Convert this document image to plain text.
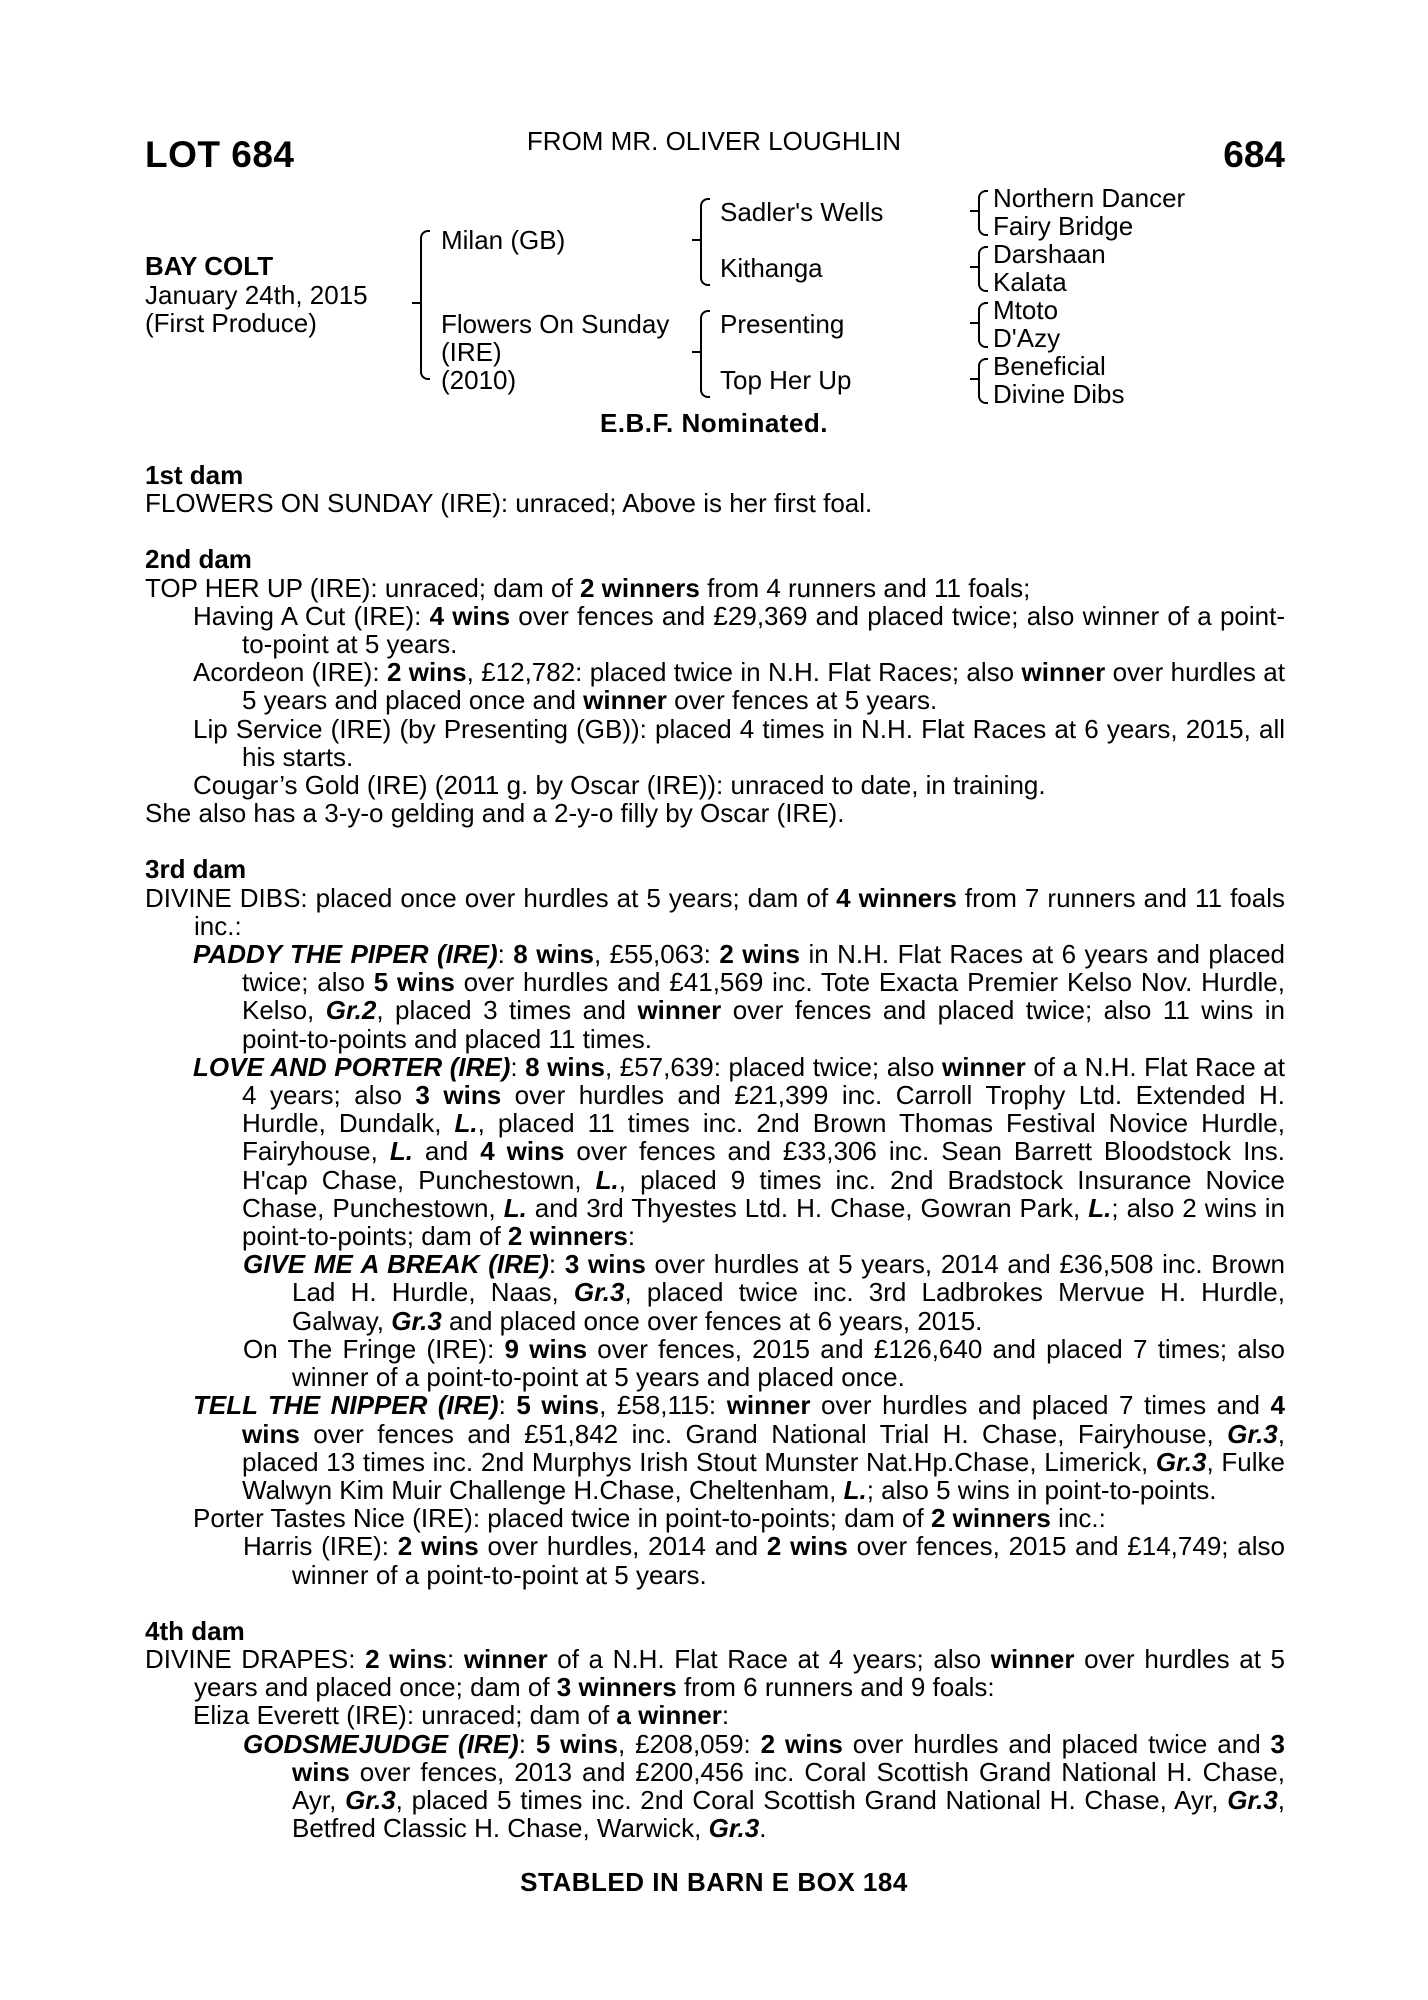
LOT 684	FROM MR. OLIVER LOUGHLIN	684
BAY COLT
January 24th, 2015
(First Produce)
Milan (GB)
Flowers On Sunday
(IRE)
(2010)
Sadler's Wells
Kithanga
Presenting
Top Her Up
Northern Dancer
Fairy Bridge
Darshaan
Kalata
Mtoto
D'Azy
Beneficial
Divine Dibs
E.B.F. Nominated.
1st dam

FLOWERS ON SUNDAY (IRE): unraced; Above is her first foal.

2nd dam

TOP HER UP (IRE): unraced; dam of 2 winners from 4 runners and 11 foals;

Having A Cut (IRE): 4 wins over fences and £29,369 and placed twice; also winner of a point-to-point at 5 years.

Acordeon (IRE): 2 wins, £12,782: placed twice in N.H. Flat Races; also winner over hurdles at 5 years and placed once and winner over fences at 5 years.

Lip Service (IRE) (by Presenting (GB)): placed 4 times in N.H. Flat Races at 6 years, 2015, all his starts.

Cougar’s Gold (IRE) (2011 g. by Oscar (IRE)): unraced to date, in training.

She also has a 3-y-o gelding and a 2-y-o filly by Oscar (IRE).

3rd dam

DIVINE DIBS: placed once over hurdles at 5 years; dam of 4 winners from 7 runners and 11 foals inc.:

PADDY THE PIPER (IRE): 8 wins, £55,063: 2 wins in N.H. Flat Races at 6 years and placed twice; also 5 wins over hurdles and £41,569 inc. Tote Exacta Premier Kelso Nov. Hurdle, Kelso, Gr.2, placed 3 times and winner over fences and placed twice; also 11 wins in point-to-points and placed 11 times.

LOVE AND PORTER (IRE): 8 wins, £57,639: placed twice; also winner of a N.H. Flat Race at 4 years; also 3 wins over hurdles and £21,399 inc. Carroll Trophy Ltd. Extended H. Hurdle, Dundalk, L., placed 11 times inc. 2nd Brown Thomas Festival Novice Hurdle, Fairyhouse, L. and 4 wins over fences and £33,306 inc. Sean Barrett Bloodstock Ins. H'cap Chase, Punchestown, L., placed 9 times inc. 2nd Bradstock Insurance Novice Chase, Punchestown, L. and 3rd Thyestes Ltd. H. Chase, Gowran Park, L.; also 2 wins in point-to-points; dam of 2 winners:

GIVE ME A BREAK (IRE): 3 wins over hurdles at 5 years, 2014 and £36,508 inc. Brown Lad H. Hurdle, Naas, Gr.3, placed twice inc. 3rd Ladbrokes Mervue H. Hurdle, Galway, Gr.3 and placed once over fences at 6 years, 2015.

On The Fringe (IRE): 9 wins over fences, 2015 and £126,640 and placed 7 times; also winner of a point-to-point at 5 years and placed once.

TELL THE NIPPER (IRE): 5 wins, £58,115: winner over hurdles and placed 7 times and 4 wins over fences and £51,842 inc. Grand National Trial H. Chase, Fairyhouse, Gr.3, placed 13 times inc. 2nd Murphys Irish Stout Munster Nat.Hp.Chase, Limerick, Gr.3, Fulke Walwyn Kim Muir Challenge H.Chase, Cheltenham, L.; also 5 wins in point-to-points.

Porter Tastes Nice (IRE): placed twice in point-to-points; dam of 2 winners inc.:

Harris (IRE): 2 wins over hurdles, 2014 and 2 wins over fences, 2015 and £14,749; also winner of a point-to-point at 5 years.

4th dam

DIVINE DRAPES: 2 wins: winner of a N.H. Flat Race at 4 years; also winner over hurdles at 5 years and placed once; dam of 3 winners from 6 runners and 9 foals:

Eliza Everett (IRE): unraced; dam of a winner:

GODSMEJUDGE (IRE): 5 wins, £208,059: 2 wins over hurdles and placed twice and 3 wins over fences, 2013 and £200,456 inc. Coral Scottish Grand National H. Chase, Ayr, Gr.3, placed 5 times inc. 2nd Coral Scottish Grand National H. Chase, Ayr, Gr.3, Betfred Classic H. Chase, Warwick, Gr.3.

STABLED IN BARN E BOX 184
